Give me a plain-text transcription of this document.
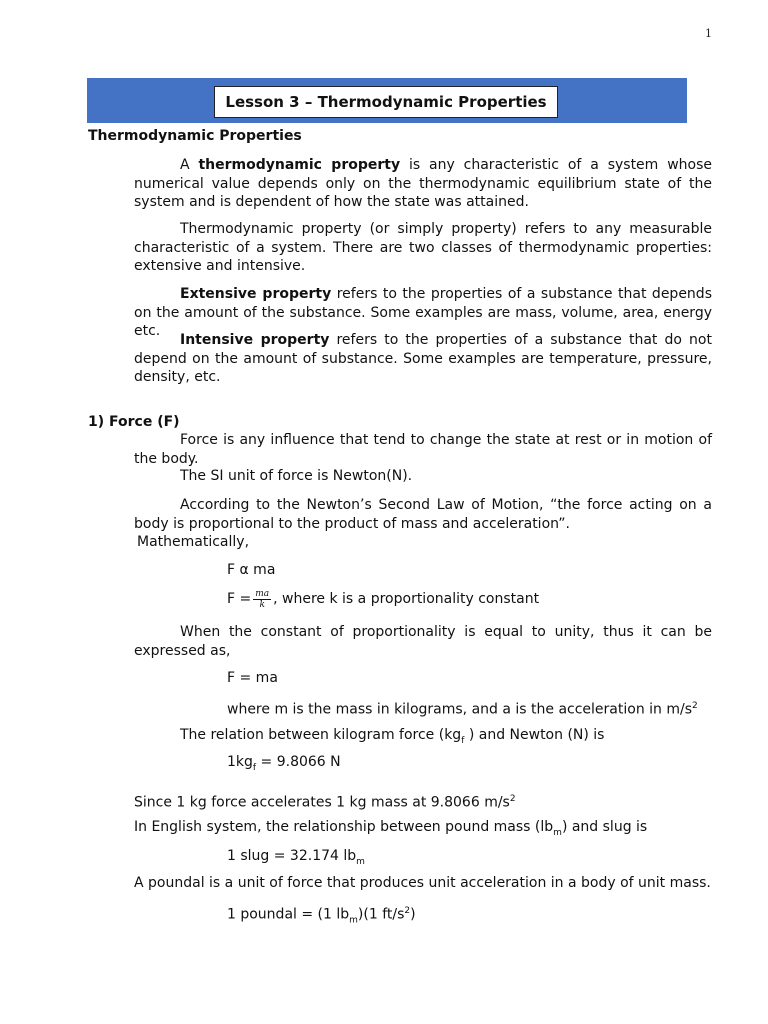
1
Lesson 3 – Thermodynamic Properties
Thermodynamic Properties
A thermodynamic property is any characteristic of a system whose numerical value depends only on the thermodynamic equilibrium state of the system and is dependent of how the state was attained.
Thermodynamic property (or simply property) refers to any measurable characteristic of a system. There are two classes of thermodynamic properties: extensive and intensive.
Extensive property refers to the properties of a substance that depends on the amount of the substance. Some examples are mass, volume, area, energy etc.
Intensive property refers to the properties of a substance that do not depend on the amount of substance. Some examples are temperature, pressure, density, etc.
1) Force (F)
Force is any influence that tend to change the state at rest or in motion of the body.
The SI unit of force is Newton(N).
According to the Newton’s Second Law of Motion, “the force acting on a body is proportional to the product of mass and acceleration”.
Mathematically,
F α ma
$F = \frac{ma}{k}$ , where k is a proportionality constant
When the constant of proportionality is equal to unity, thus it can be expressed as,
F = ma
where m is the mass in kilograms, and a is the acceleration in $m/s^2$
The relation between kilogram force ($kg_f$ ) and Newton (N) is
$1kg_f = 9.8066$ N
Since 1 kg force accelerates 1 kg mass at 9.8066 $m/s^2$
In English system, the relationship between pound mass $(lb_m)$ and slug is
1 slug = 32.174 $lb_m$
A poundal is a unit of force that produces unit acceleration in a body of unit mass.
1 poundal = (1 $lb_m)(1$ $ft/s^2$)
